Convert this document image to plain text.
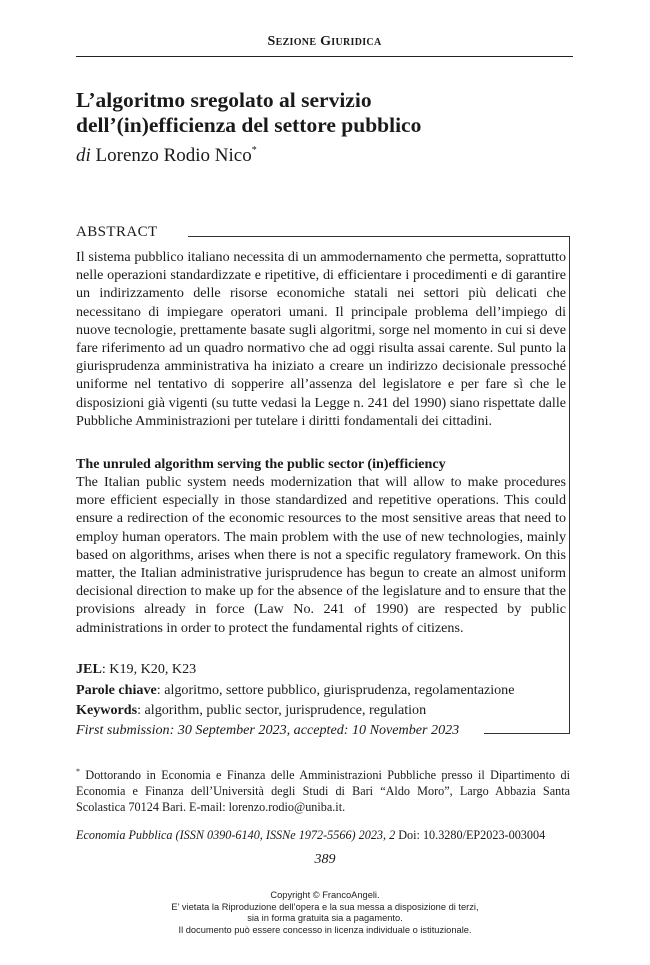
Sezione Giuridica
L’algoritmo sregolato al servizio
dell’(in)efficienza del settore pubblico
di Lorenzo Rodio Nico*
ABSTRACT
Il sistema pubblico italiano necessita di un ammodernamento che permetta, soprattutto nelle operazioni standardizzate e ripetitive, di efficientare i procedimenti e di garantire un indirizzamento delle risorse economiche statali nei settori più delicati che necessitano di impiegare operatori umani. Il principale problema dell’impiego di nuove tecnologie, prettamente basate sugli algoritmi, sorge nel momento in cui si deve fare riferimento ad un quadro normativo che ad oggi risulta assai carente. Sul punto la giurisprudenza amministrativa ha iniziato a creare un indirizzo decisionale pressoché uniforme nel tentativo di sopperire all’assenza del legislatore e per fare sì che le disposizioni già vigenti (su tutte vedasi la Legge n. 241 del 1990) siano rispettate dalle Pubbliche Amministrazioni per tutelare i diritti fondamentali dei cittadini.
The unruled algorithm serving the public sector (in)efficiency
The Italian public system needs modernization that will allow to make procedures more efficient especially in those standardized and repetitive operations. This could ensure a redirection of the economic resources to the most sensitive areas that need to employ human operators. The main problem with the use of new technologies, mainly based on algorithms, arises when there is not a specific regulatory framework. On this matter, the Italian administrative jurisprudence has begun to create an almost uniform decisional direction to make up for the absence of the legislature and to ensure that the provisions already in force (Law No. 241 of 1990) are respected by public administrations in order to protect the fundamental rights of citizens.
JEL: K19, K20, K23
Parole chiave: algoritmo, settore pubblico, giurisprudenza, regolamentazione
Keywords: algorithm, public sector, jurisprudence, regulation
First submission: 30 September 2023, accepted: 10 November 2023
* Dottorando in Economia e Finanza delle Amministrazioni Pubbliche presso il Dipartimento di Economia e Finanza dell’Università degli Studi di Bari “Aldo Moro”, Largo Abbazia Santa Scolastica 70124 Bari. E-mail: lorenzo.rodio@uniba.it.
Economia Pubblica (ISSN 0390-6140, ISSNe 1972-5566) 2023, 2 Doi: 10.3280/EP2023-003004
389
Copyright © FrancoAngeli.
E’ vietata la Riproduzione dell’opera e la sua messa a disposizione di terzi,
sia in forma gratuita sia a pagamento.
Il documento può essere concesso in licenza individuale o istituzionale.
